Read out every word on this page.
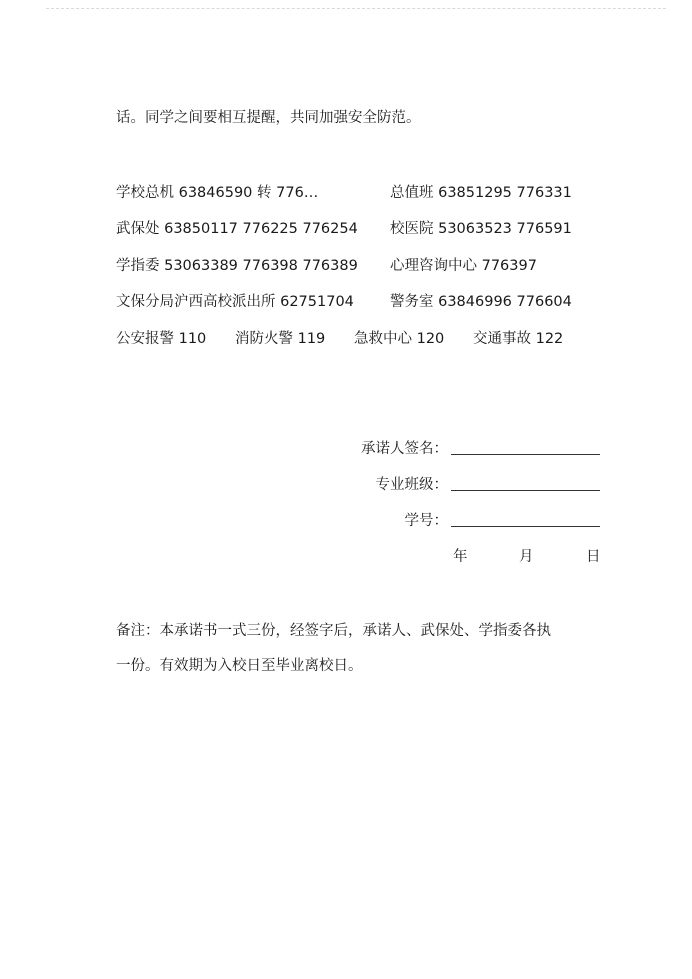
话。同学之间要相互提醒，共同加强安全防范。
学校总机 63846590 转 776…	总值班 63851295 776331
武保处 63850117 776225 776254 校医院 53063523 776591
学指委 53063389 776398 776389 心理咨询中心 776397
文保分局沪西高校派出所 62751704 警务室 63846996 776604
公安报警 110 消防火警 119 急救中心 120 交通事故 122
承诺人签名：
专业班级：
学号：
年	月	日
备注：本承诺书一式三份，经签字后，承诺人、武保处、学指委各执
一份。有效期为入校日至毕业离校日。
